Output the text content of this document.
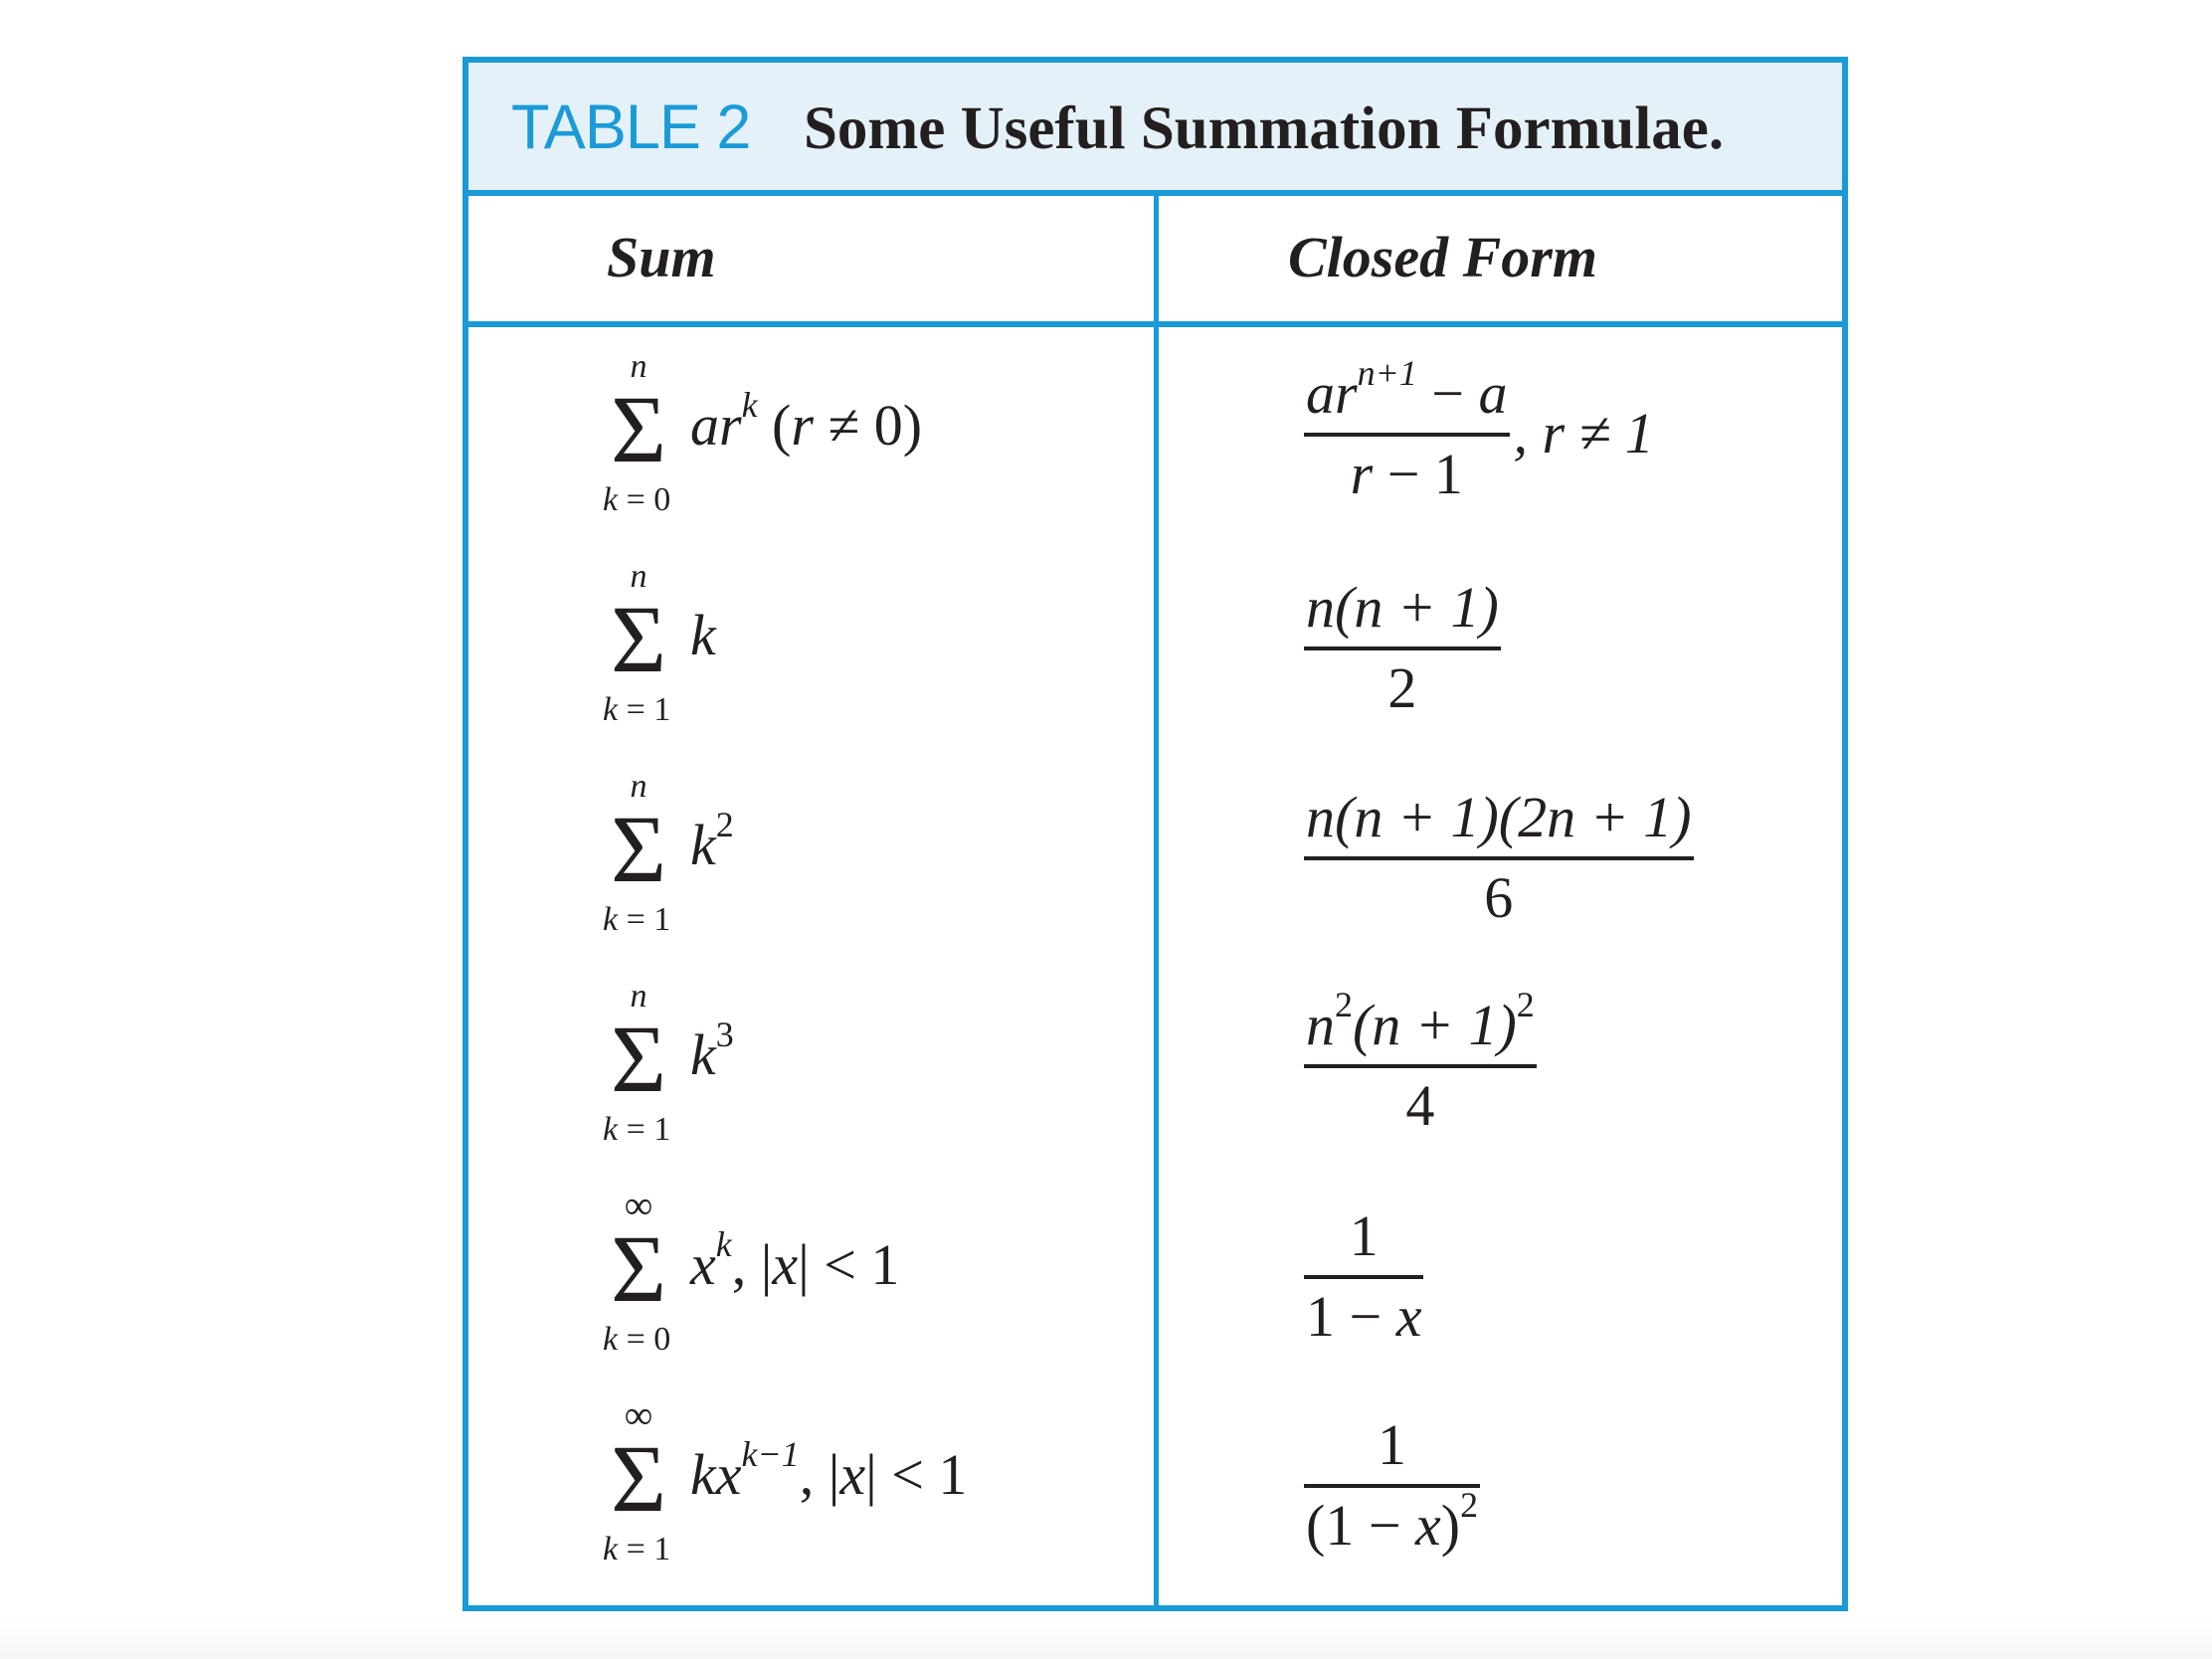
TABLE 2 Some Useful Summation Formulae.
Sum	Closed Form
n
Σ
k = 0
$ar^k$ (r ≠ 0)	$\frac{ar^{n+1} - a}{r - 1}$ , r ≠ 1
n
Σ
k = 1
k	$\frac{n(n + 1)}{2}$
n
Σ
k = 1
$k^2$	$\frac{n(n + 1)(2n + 1)}{6}$
n
Σ
k = 1
$k^3$	$\frac{n^2(n + 1)^2}{4}$
∞
Σ
k = 0
$x^k$, |x| < 1	$\frac{1}{1 - x}$
∞
Σ
k = 1
$kx^{k-1}$, |x| < 1	$\frac{1}{(1 - x)^2}$
